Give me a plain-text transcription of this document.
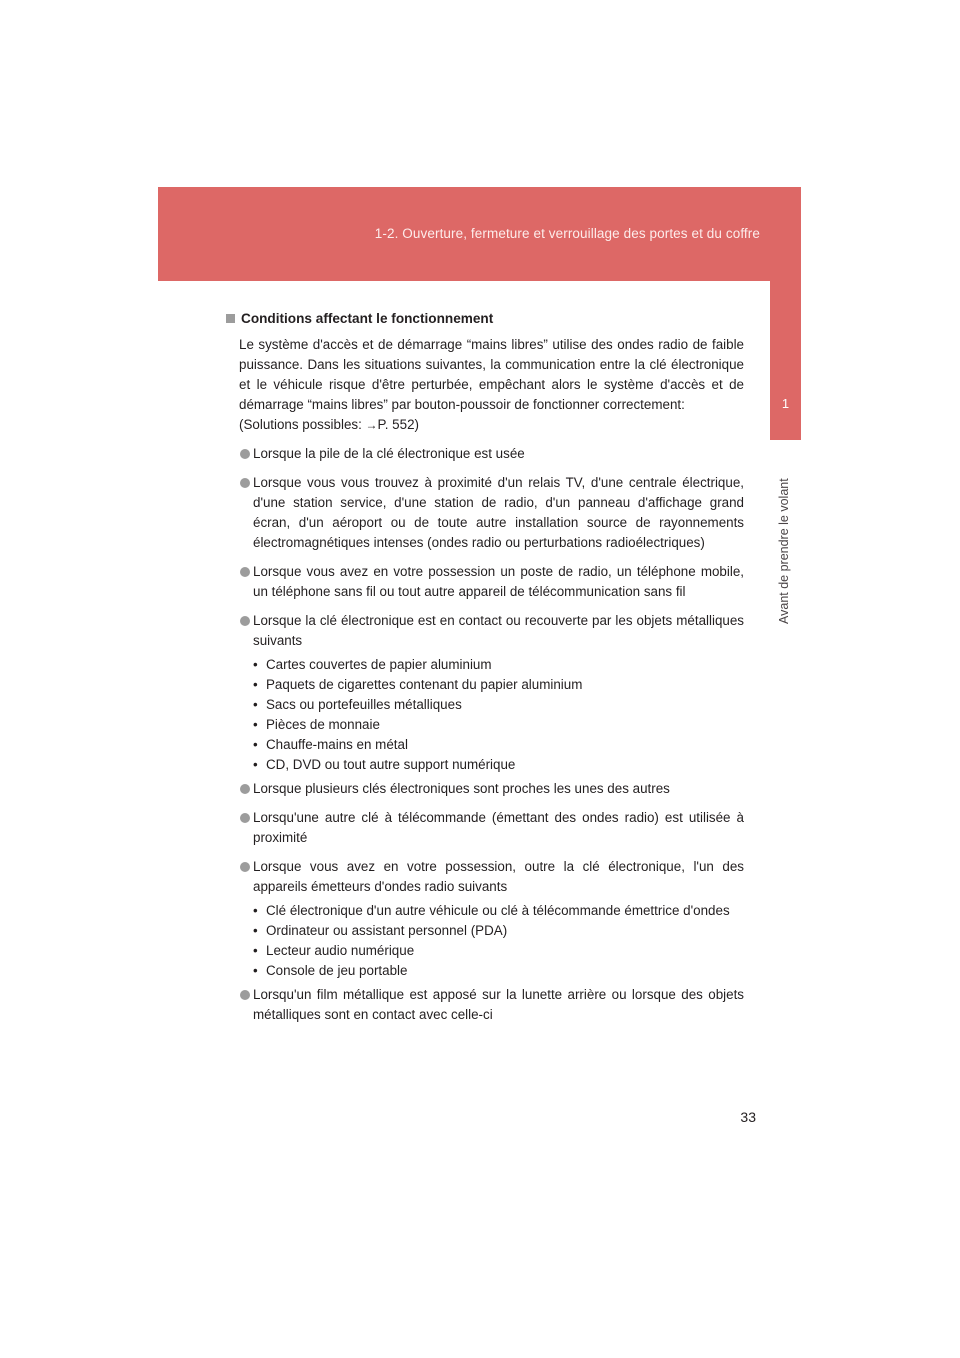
1-2. Ouverture, fermeture et verrouillage des portes et du coffre
1
Avant de prendre le volant
Conditions affectant le fonctionnement
Le système d'accès et de démarrage “mains libres” utilise des ondes radio de faible puissance. Dans les situations suivantes, la communication entre la clé électronique et le véhicule risque d'être perturbée, empêchant alors le système d'accès et de démarrage “mains libres” par bouton-poussoir de fonctionner correctement:
(Solutions possibles: →P. 552)
Lorsque la pile de la clé électronique est usée
Lorsque vous vous trouvez à proximité d'un relais TV, d'une centrale électrique, d'une station service, d'une station de radio, d'un panneau d'affichage grand écran, d'un aéroport ou de toute autre installation source de rayonnements électromagnétiques intenses (ondes radio ou perturbations radioélectriques)
Lorsque vous avez en votre possession un poste de radio, un téléphone mobile, un téléphone sans fil ou tout autre appareil de télécommunication sans fil
Lorsque la clé électronique est en contact ou recouverte par les objets métalliques suivants
• Cartes couvertes de papier aluminium
• Paquets de cigarettes contenant du papier aluminium
• Sacs ou portefeuilles métalliques
• Pièces de monnaie
• Chauffe-mains en métal
• CD, DVD ou tout autre support numérique
Lorsque plusieurs clés électroniques sont proches les unes des autres
Lorsqu'une autre clé à télécommande (émettant des ondes radio) est utilisée à proximité
Lorsque vous avez en votre possession, outre la clé électronique, l'un des appareils émetteurs d'ondes radio suivants
• Clé électronique d'un autre véhicule ou clé à télécommande émettrice d'ondes
• Ordinateur ou assistant personnel (PDA)
• Lecteur audio numérique
• Console de jeu portable
Lorsqu'un film métallique est apposé sur la lunette arrière ou lorsque des objets métalliques sont en contact avec celle-ci
33
